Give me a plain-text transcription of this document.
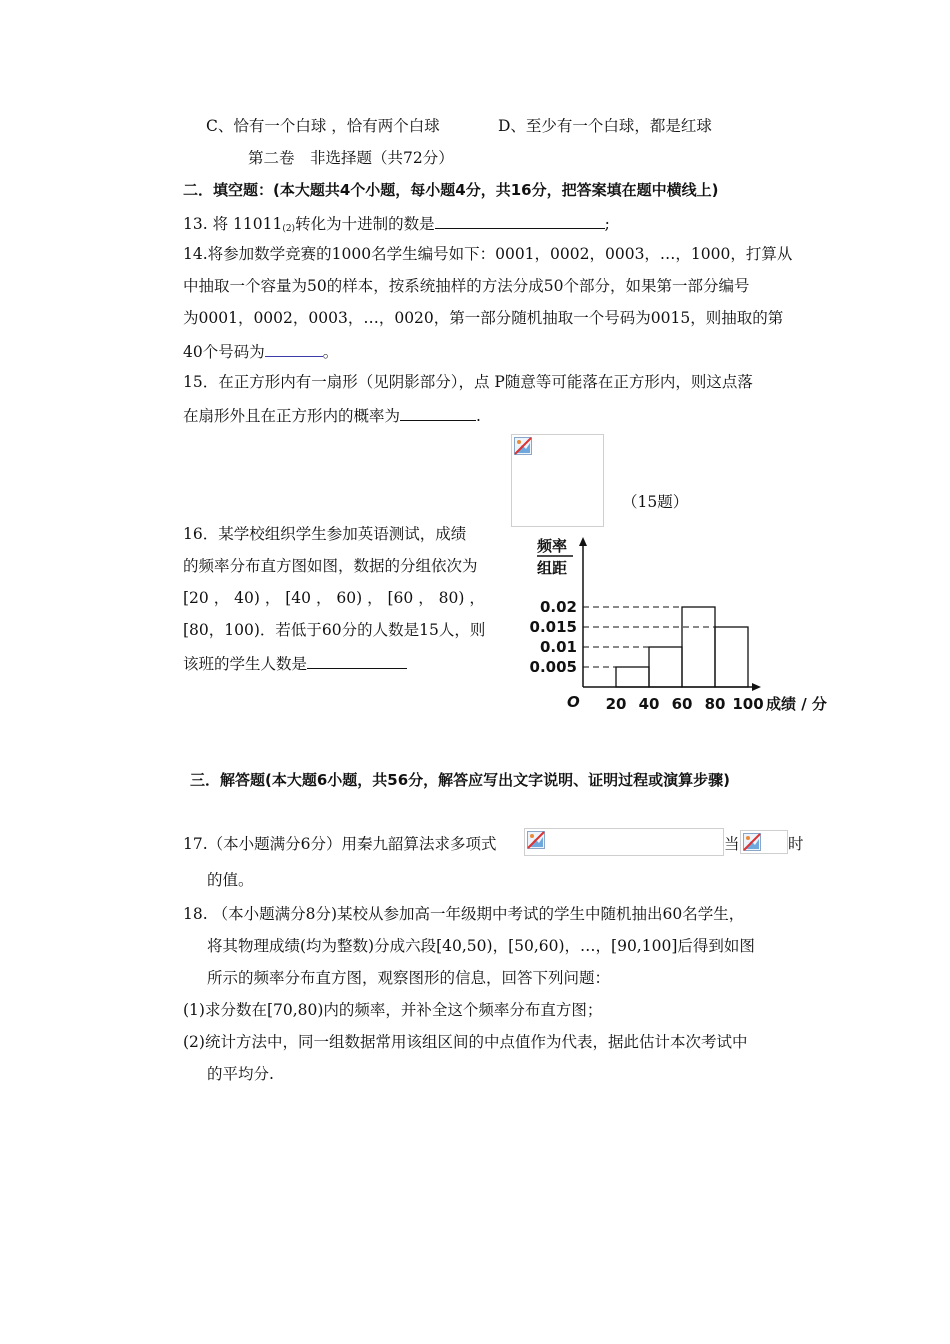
C、恰有一个白球 ，恰有两个白球	D、至少有一个白球，都是红球
第二卷　非选择题（共72分）
二．填空题：(本大题共4个小题，每小题4分，共16分，把答案填在题中横线上)
13. 将 $11011_{(2)}$转化为十进制的数是	;
14.将参加数学竞赛的1000名学生编号如下：0001，0002，0003，…，1000，打算从
中抽取一个容量为50的样本，按系统抽样的方法分成50个部分，如果第一部分编号
为0001，0002，0003，…，0020，第一部分随机抽取一个号码为0015，则抽取的第
40个号码为	。
15．在正方形内有一扇形（见阴影部分），点 P随意等可能落在正方形内，则这点落
在扇形外且在正方形内的概率为	.
（15题）
16．某学校组织学生参加英语测试，成绩
的频率分布直方图如图，数据的分组依次为
[20 ， 40) ， [40 ， 60) ， [60 ， 80) ，
[80，100)．若低于60分的人数是15人，则
该班的学生人数是
频率
组距
0.005
0.01
0.015
0.02
20 40 60 80 100
O	成绩 / 分
三．解答题(本大题6小题，共56分，解答应写出文字说明、证明过程或演算步骤)
17.（本小题满分6分）用秦九韶算法求多项式	当	时
的值。
18. （本小题满分8分)某校从参加高一年级期中考试的学生中随机抽出60名学生，
将其物理成绩(均为整数)分成六段[40,50)，[50,60)，…，[90,100]后得到如图
所示的频率分布直方图，观察图形的信息，回答下列问题：
(1)求分数在[70,80)内的频率，并补全这个频率分布直方图；
(2)统计方法中，同一组数据常用该组区间的中点值作为代表，据此估计本次考试中
的平均分.
